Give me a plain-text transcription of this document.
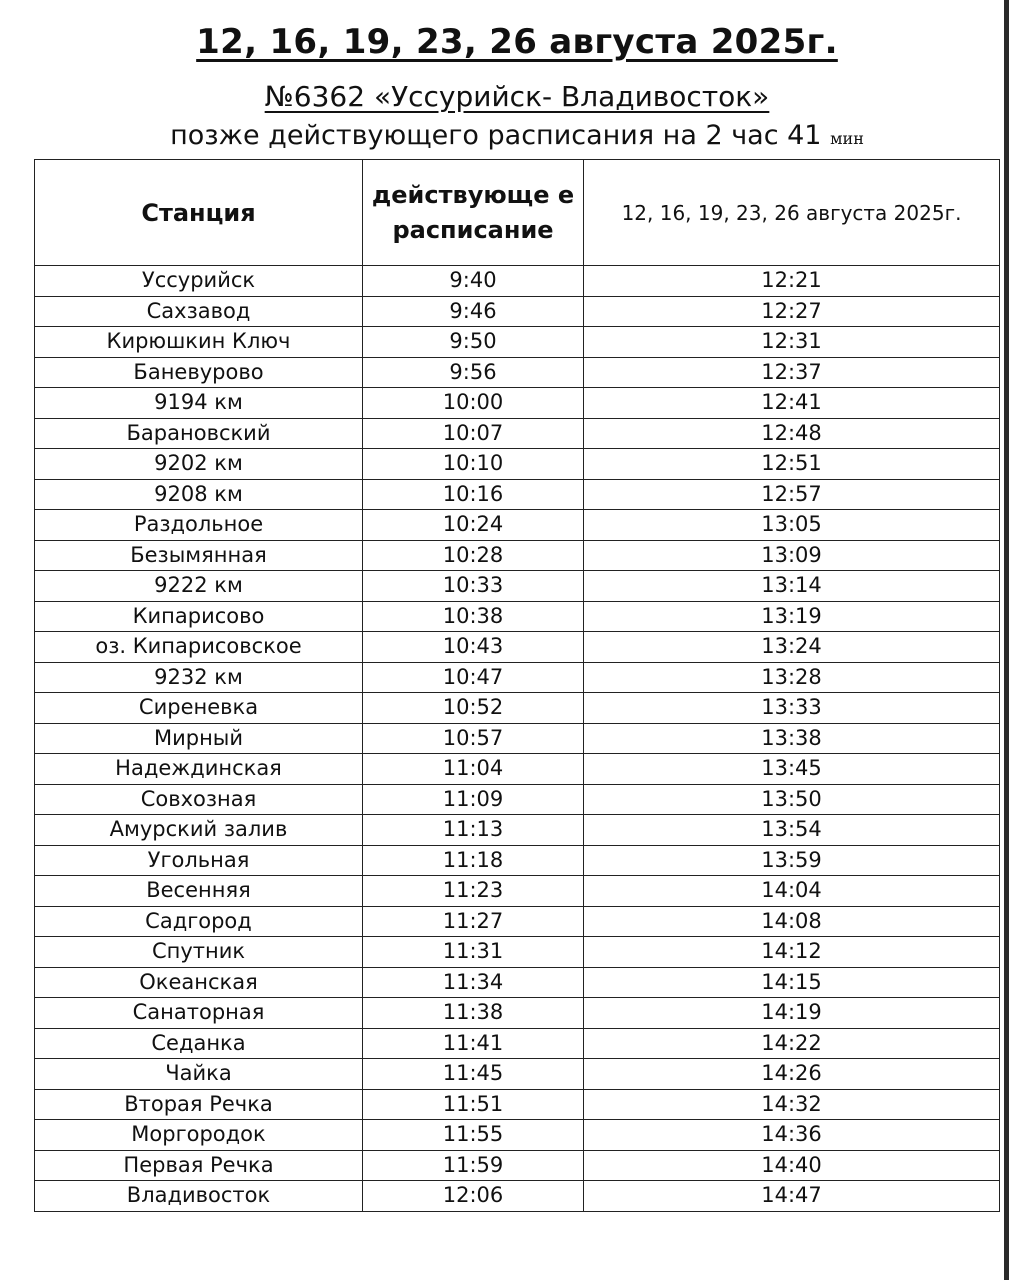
12, 16, 19, 23, 26 августа 2025г.
№6362 «Уссурийск- Владивосток»
позже действующего расписания на 2 час 41 мин
Станция	действующе е расписание	12, 16, 19, 23, 26 августа 2025г.
Уссурийск	9:40	12:21
Сахзавод	9:46	12:27
Кирюшкин Ключ	9:50	12:31
Баневурово	9:56	12:37
9194 км	10:00	12:41
Барановский	10:07	12:48
9202 км	10:10	12:51
9208 км	10:16	12:57
Раздольное	10:24	13:05
Безымянная	10:28	13:09
9222 км	10:33	13:14
Кипарисово	10:38	13:19
оз. Кипарисовское	10:43	13:24
9232 км	10:47	13:28
Сиреневка	10:52	13:33
Мирный	10:57	13:38
Надеждинская	11:04	13:45
Совхозная	11:09	13:50
Амурский залив	11:13	13:54
Угольная	11:18	13:59
Весенняя	11:23	14:04
Садгород	11:27	14:08
Спутник	11:31	14:12
Океанская	11:34	14:15
Санаторная	11:38	14:19
Седанка	11:41	14:22
Чайка	11:45	14:26
Вторая Речка	11:51	14:32
Моргородок	11:55	14:36
Первая Речка	11:59	14:40
Владивосток	12:06	14:47
